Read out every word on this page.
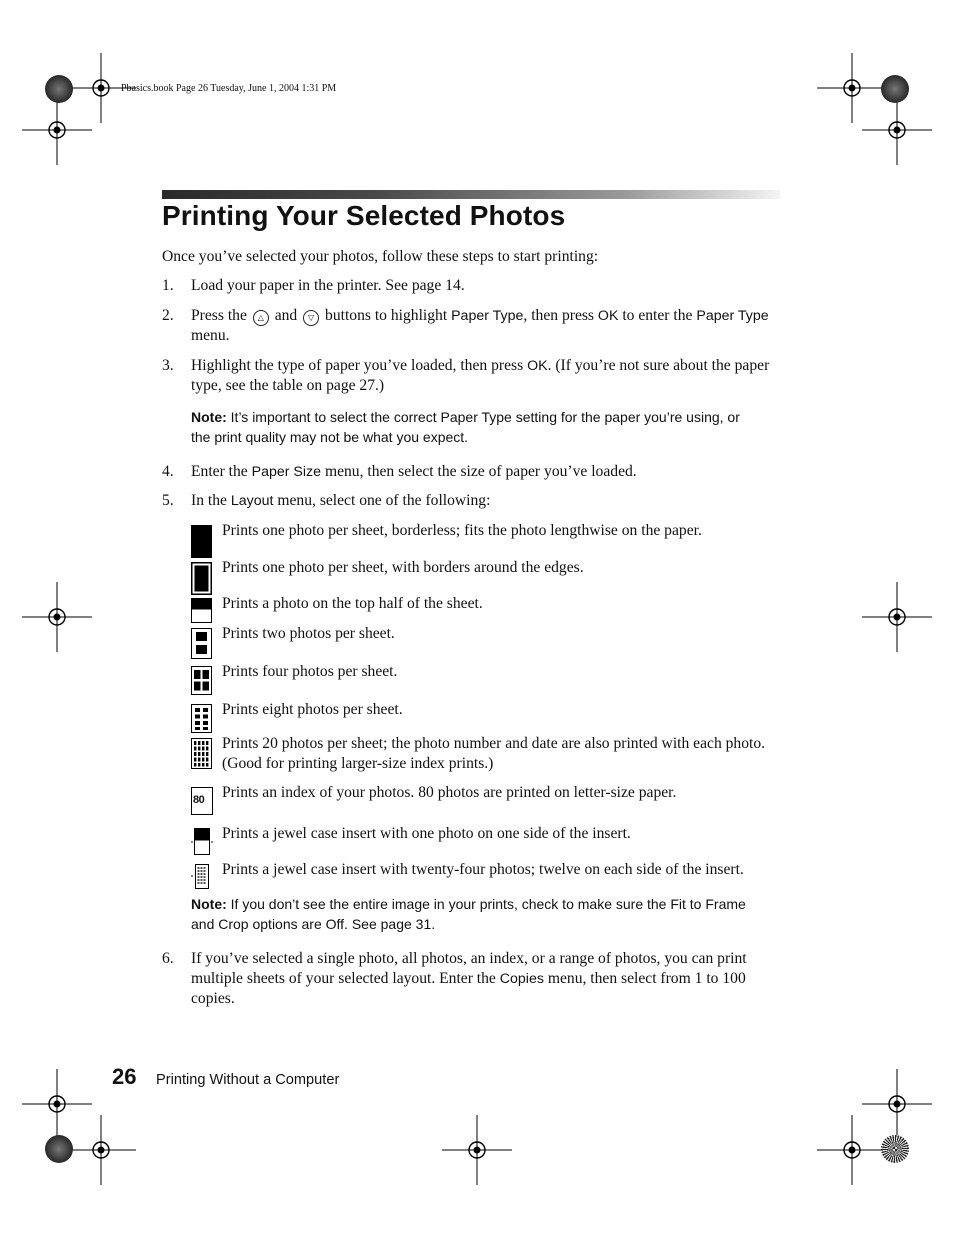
Pbasics.book Page 26 Tuesday, June 1, 2004 1:31 PM
Printing Your Selected Photos
Once you’ve selected your photos, follow these steps to start printing:
1. Load your paper in the printer. See page 14.
2. Press the △ and ▽ buttons to highlight Paper Type, then press OK to enter the Paper Type menu.
3. Highlight the type of paper you’ve loaded, then press OK. (If you’re not sure about the paper type, see the table on page 27.)
Note: It’s important to select the correct Paper Type setting for the paper you’re using, or the print quality may not be what you expect.
4. Enter the Paper Size menu, then select the size of paper you’ve loaded.
5. In the Layout menu, select one of the following:
Prints one photo per sheet, borderless; fits the photo lengthwise on the paper.
Prints one photo per sheet, with borders around the edges.
Prints a photo on the top half of the sheet.
Prints two photos per sheet.
Prints four photos per sheet.
Prints eight photos per sheet.
Prints 20 photos per sheet; the photo number and date are also printed with each photo. (Good for printing larger-size index prints.)
80 Prints an index of your photos. 80 photos are printed on letter-size paper.
Prints a jewel case insert with one photo on one side of the insert.
Prints a jewel case insert with twenty-four photos; twelve on each side of the insert.
Note: If you don’t see the entire image in your prints, check to make sure the Fit to Frame and Crop options are Off. See page 31.
6. If you’ve selected a single photo, all photos, an index, or a range of photos, you can print multiple sheets of your selected layout. Enter the Copies menu, then select from 1 to 100 copies.
26 Printing Without a Computer
